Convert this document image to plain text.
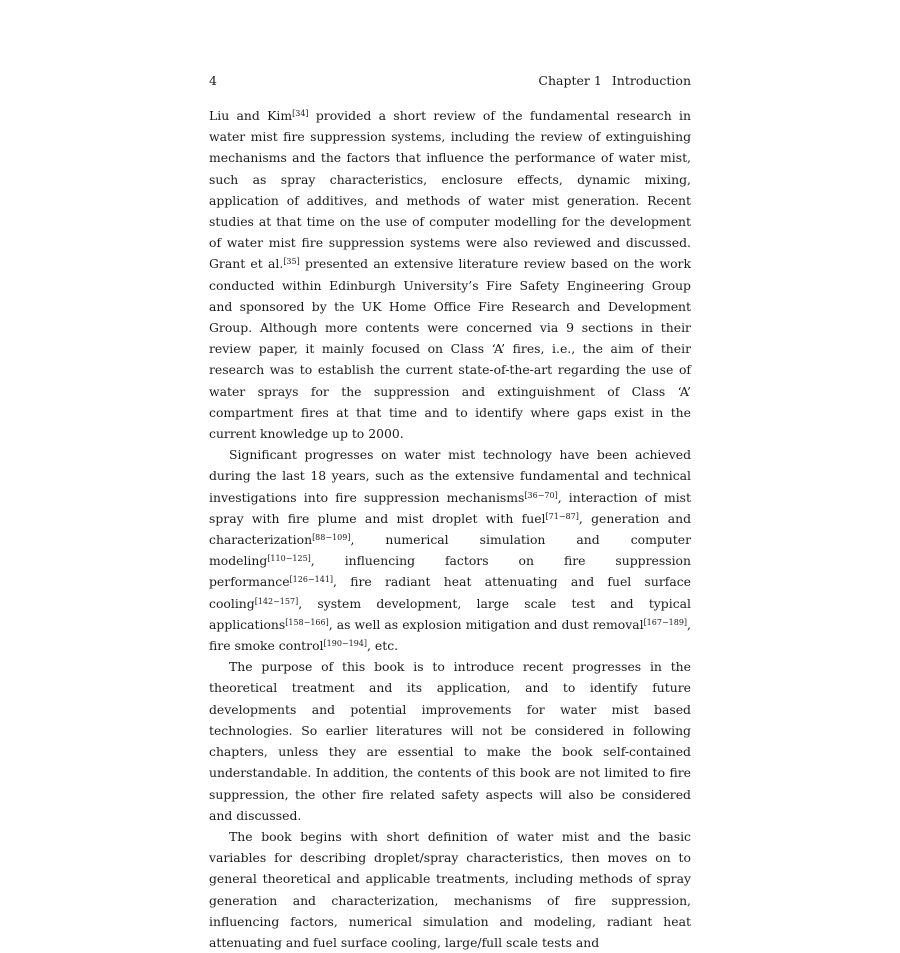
4	Chapter 1 Introduction

Liu and Kim[34] provided a short review of the fundamental research in water mist fire suppression systems, including the review of extinguishing mechanisms and the factors that influence the performance of water mist, such as spray characteristics, enclosure effects, dynamic mixing, application of additives, and methods of water mist generation. Recent studies at that time on the use of computer modelling for the development of water mist fire suppression systems were also reviewed and discussed. Grant et al.[35] presented an extensive literature review based on the work conducted within Edinburgh University’s Fire Safety Engineering Group and sponsored by the UK Home Office Fire Research and Development Group. Although more contents were concerned via 9 sections in their review paper, it mainly focused on Class ‘A’ fires, i.e., the aim of their research was to establish the current state-of-the-art regarding the use of water sprays for the suppression and extinguishment of Class ‘A’ compartment fires at that time and to identify where gaps exist in the current knowledge up to 2000.

Significant progresses on water mist technology have been achieved during the last 18 years, such as the extensive fundamental and technical investigations into fire suppression mechanisms[36−70], interaction of mist spray with fire plume and mist droplet with fuel[71−87], generation and characterization[88−109], numerical simulation and computer modeling[110−125], influencing factors on fire suppression performance[126−141], fire radiant heat attenuating and fuel surface cooling[142−157], system development, large scale test and typical applications[158−166], as well as explosion mitigation and dust removal[167−189], fire smoke control[190−194], etc.

The purpose of this book is to introduce recent progresses in the theoretical treatment and its application, and to identify future developments and potential improvements for water mist based technologies. So earlier literatures will not be considered in following chapters, unless they are essential to make the book self-contained understandable. In addition, the contents of this book are not limited to fire suppression, the other fire related safety aspects will also be considered and discussed.

The book begins with short definition of water mist and the basic variables for describing droplet/spray characteristics, then moves on to general theoretical and applicable treatments, including methods of spray generation and characterization, mechanisms of fire suppression, influencing factors, numerical simulation and modeling, radiant heat attenuating and fuel surface cooling, large/full scale tests and
